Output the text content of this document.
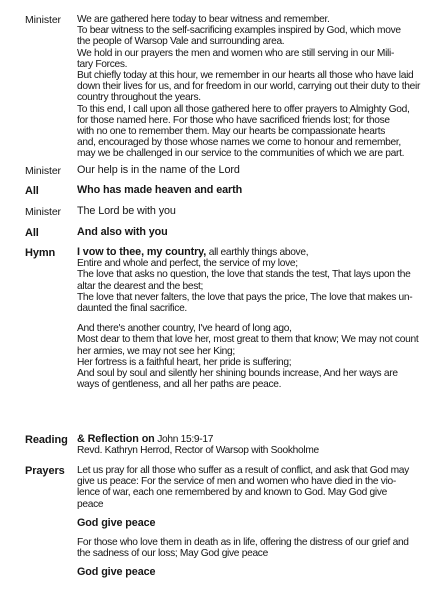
Minister We are gathered here today to bear witness and remember.
To bear witness to the self-sacrificing examples inspired by God, which move
the people of Warsop Vale and surrounding area.
We hold in our prayers the men and women who are still serving in our Mili-
tary Forces.
But chiefly today at this hour, we remember in our hearts all those who have laid
down their lives for us, and for freedom in our world, carrying out their duty to their
country throughout the years.
To this end, I call upon all those gathered here to offer prayers to Almighty God,
for those named here. For those who have sacrificed friends lost; for those
with no one to remember them. May our hearts be compassionate hearts
and, encouraged by those whose names we come to honour and remember,
may we be challenged in our service to the communities of which we are part.
Minister Our help is in the name of the Lord
All	Who has made heaven and earth
Minister The Lord be with you
All	And also with you
Hymn I vow to thee, my country, all earthly things above,
Entire and whole and perfect, the service of my love;
The love that asks no question, the love that stands the test, That lays upon the
altar the dearest and the best;
The love that never falters, the love that pays the price, The love that makes un-
daunted the final sacrifice.
And there's another country, I've heard of long ago,
Most dear to them that love her, most great to them that know; We may not count
her armies, we may not see her King;
Her fortress is a faithful heart, her pride is suffering;
And soul by soul and silently her shining bounds increase, And her ways are
ways of gentleness, and all her paths are peace.
Reading & Reflection on John 15:9-17
Revd. Kathryn Herrod, Rector of Warsop with Sookholme
Prayers Let us pray for all those who suffer as a result of conflict, and ask that God may
give us peace: For the service of men and women who have died in the vio-
lence of war, each one remembered by and known to God. May God give
peace
God give peace
For those who love them in death as in life, offering the distress of our grief and
the sadness of our loss; May God give peace
God give peace
